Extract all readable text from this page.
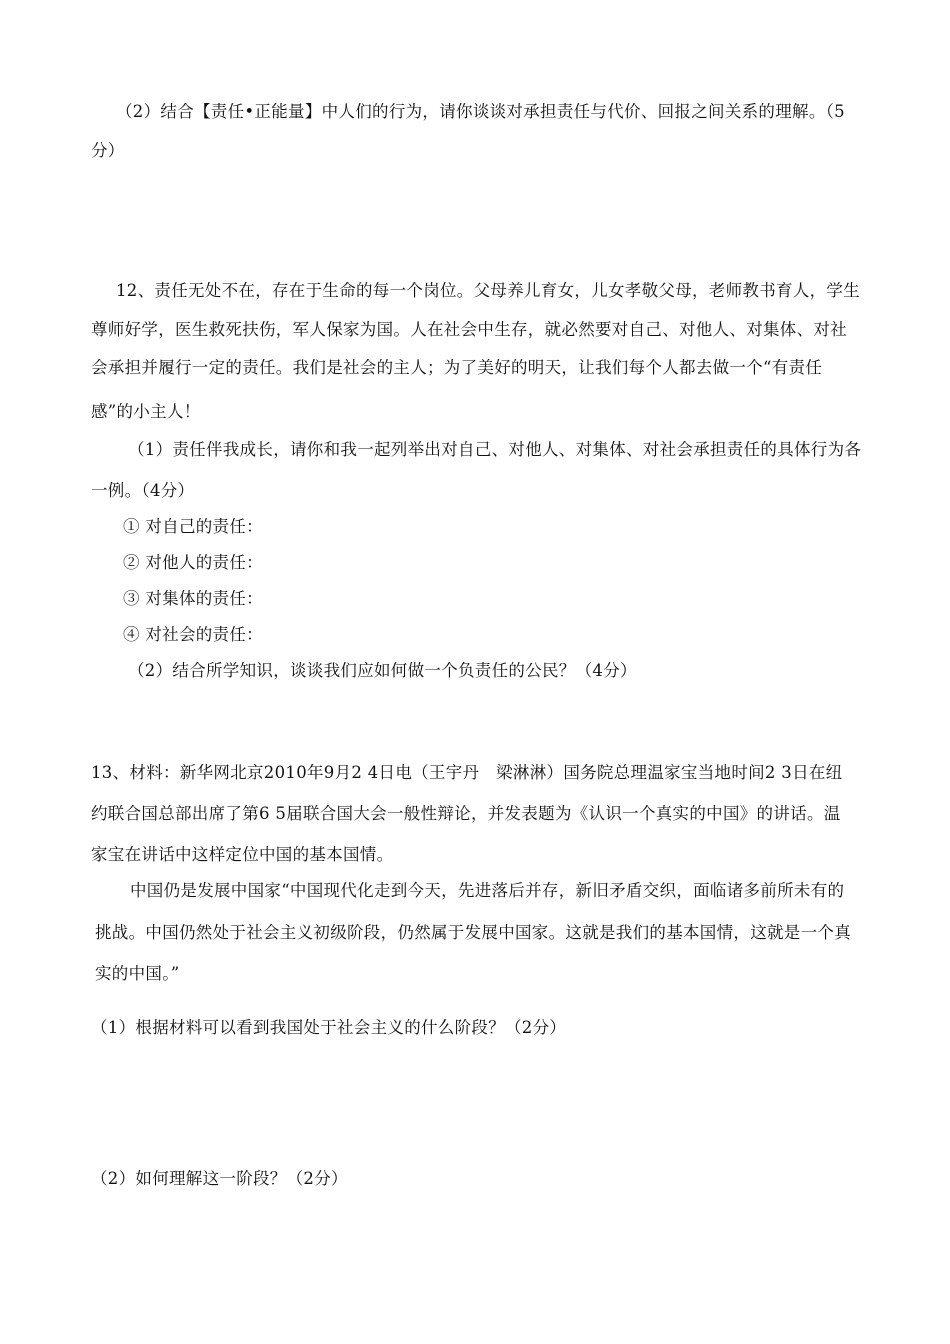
（2）结合【责任•正能量】中人们的行为，请你谈谈对承担责任与代价、回报之间关系的理解。（5
分）
12、责任无处不在，存在于生命的每一个岗位。父母养儿育女，儿女孝敬父母，老师教书育人，学生
尊师好学，医生救死扶伤，军人保家为国。人在社会中生存，就必然要对自己、对他人、对集体、对社
会承担并履行一定的责任。我们是社会的主人；为了美好的明天，让我们每个人都去做一个“有责任
感”的小主人！
（1）责任伴我成长，请你和我一起列举出对自己、对他人、对集体、对社会承担责任的具体行为各
一例。（4分）
① 对自己的责任：
② 对他人的责任：
③ 对集体的责任：
④ 对社会的责任：
（2）结合所学知识，谈谈我们应如何做一个负责任的公民？（4分）
13、材料：新华网北京2010年9月2 4日电（王宇丹　梁淋淋）国务院总理温家宝当地时间2 3日在纽
约联合国总部出席了第6 5届联合国大会一般性辩论，并发表题为《认识一个真实的中国》的讲话。温
家宝在讲话中这样定位中国的基本国情。
中国仍是发展中国家“中国现代化走到今天，先进落后并存，新旧矛盾交织，面临诸多前所未有的
挑战。中国仍然处于社会主义初级阶段，仍然属于发展中国家。这就是我们的基本国情，这就是一个真
实的中国。”
（1）根据材料可以看到我国处于社会主义的什么阶段？（2分）
（2）如何理解这一阶段？（2分）
